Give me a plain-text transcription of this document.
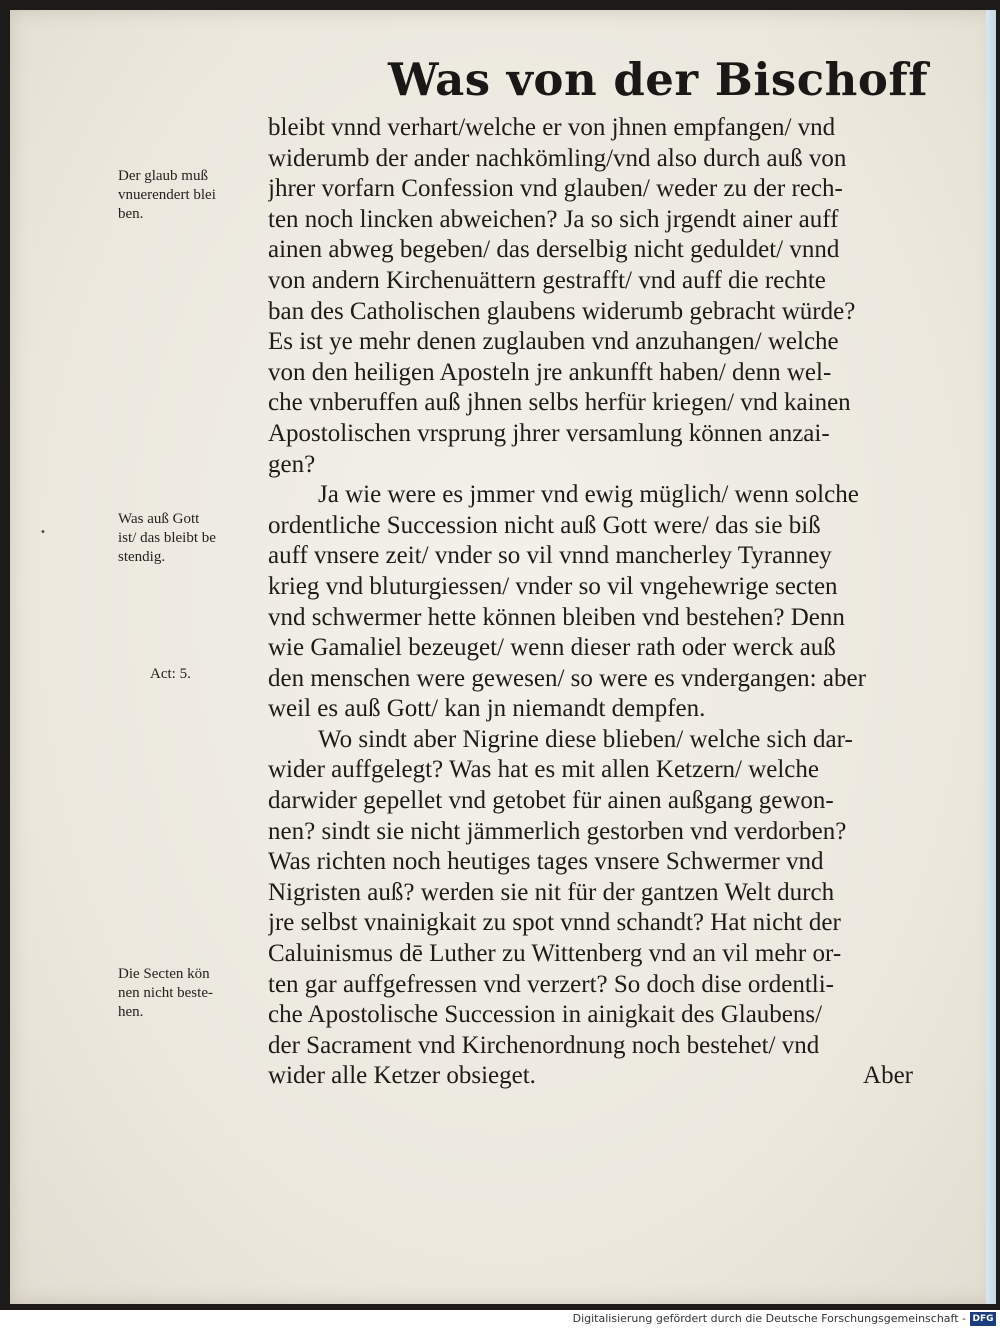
Was von der Bischoff
bleibt vnnd verhart/welche er von jhnen empfangen/ vnd
widerumb der ander nachkömling/vnd also durch auß von
jhrer vorfarn Confession vnd glauben/ weder zu der rech-
ten noch lincken abweichen? Ja so sich jrgendt ainer auff
ainen abweg begeben/ das derselbig nicht geduldet/ vnnd
von andern Kirchenuättern gestrafft/ vnd auff die rechte
ban des Catholischen glaubens widerumb gebracht würde?
Es ist ye mehr denen zuglauben vnd anzuhangen/ welche
von den heiligen Aposteln jre ankunfft haben/ denn wel-
che vnberuffen auß jhnen selbs herfür kriegen/ vnd kainen
Apostolischen vrsprung jhrer versamlung können anzai-
gen?
Ja wie were es jmmer vnd ewig müglich/ wenn solche
ordentliche Succession nicht auß Gott were/ das sie biß
auff vnsere zeit/ vnder so vil vnnd mancherley Tyranney
krieg vnd bluturgiessen/ vnder so vil vngehewrige secten
vnd schwermer hette können bleiben vnd bestehen? Denn
wie Gamaliel bezeuget/ wenn dieser rath oder werck auß
den menschen were gewesen/ so were es vndergangen: aber
weil es auß Gott/ kan jn niemandt dempfen.
Wo sindt aber Nigrine diese blieben/ welche sich dar-
wider auffgelegt? Was hat es mit allen Ketzern/ welche
darwider gepellet vnd getobet für ainen außgang gewon-
nen? sindt sie nicht jämmerlich gestorben vnd verdorben?
Was richten noch heutiges tages vnsere Schwermer vnd
Nigristen auß? werden sie nit für der gantzen Welt durch
jre selbst vnainigkait zu spot vnnd schandt? Hat nicht der
Caluinismus dē Luther zu Wittenberg vnd an vil mehr or-
ten gar auffgefressen vnd verzert? So doch dise ordentli-
che Apostolische Succession in ainigkait des Glaubens/
der Sacrament vnd Kirchenordnung noch bestehet/ vnd
wider alle Ketzer obsieget.	Aber
Der glaub muß
vnuerendert blei
ben.
Was auß Gott
ist/ das bleibt be
stendig.
Act: 5.
Die Secten kön
nen nicht beste-
hen.
•
Digitalisierung gefördert durch die Deutsche Forschungsgemeinschaft - DFG
